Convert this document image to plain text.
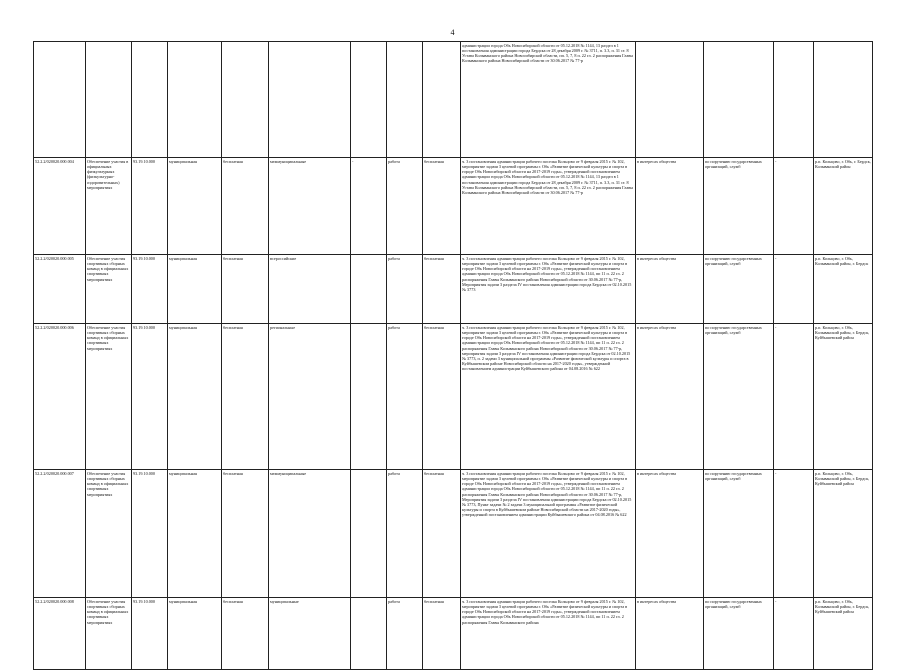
4
									администрации города Обь Новосибирской области от 05.12.2018 № 1144, 13 раздел в 1 постановления администрации города Бердска от 28 декабря 2009 г. № 3711, п. 3.3, п. 31 ст. 8 Устава Колыванского района Новосибирской области, пп. 5, 7, 8 п. 22 гл. 2 распоряжения Главы Колыванского района Новосибирской области от 30.06.2017 № 77-р				
52.2.2/020020.000.004	Обеспечение участия в официальных физкультурных (физкультурно-оздоровительных) мероприятиях	93.19.10.000	муниципальная	бесплатная	межмуниципальные	-	работа	бесплатная	ч. 3 постановления администрации рабочего поселка Кольцово от 9 февраля 2015 г. № 102, мероприятие задачи 3 целевой программы г. Обь «Развитие физической культуры и спорта в городе Обь Новосибирской области на 2017-2019 годы», утвержденной постановлением администрации города Обь Новосибирской области от 05.12.2018 № 1144, 13 раздел в 1 постановления администрации города Бердска от 28 декабря 2009 г. № 3711, п. 3.3, п. 31 ст. 8 Устава Колыванского района Новосибирской области, пп. 5, 7, 8 п. 22 гл. 2 распоряжения Главы Колыванского района Новосибирской области от 30.06.2017 № 77-р	в интересах общества	по поручению государственных организаций, служб	-	р.п. Кольцово, г. Обь, г. Бердск, Колыванский район
52.2.2/020020.000.005	Обеспечение участия спортивных сборных команд в официальных спортивных мероприятиях	93.19.10.000	муниципальная	бесплатная	всероссийские		работа	бесплатная	ч. 3 постановления администрации рабочего поселка Кольцово от 9 февраля 2015 г. № 102, мероприятие задачи 3 целевой программы г. Обь «Развитие физической культуры и спорта в городе Обь Новосибирской области на 2017-2019 годы», утвержденной постановлением администрации города Обь Новосибирской области от 05.12.2018 № 1144, пп 11 п. 22 гл. 2 распоряжения Главы Колыванского района Новосибирской области от 30.06.2017 № 77-р, Мероприятия задачи 3 раздела IV постановления администрации города Бердска от 02.10.2015 № 3773	в интересах общества	по поручению государственных организаций, служб	-	р.п. Кольцово, г. Обь, Колыванский район, г. Бердск
52.2.2/020020.000.006	Обеспечение участия спортивных сборных команд в официальных спортивных мероприятиях	93.19.10.000	муниципальная	бесплатная	региональные		работа	бесплатная	ч. 3 постановления администрации рабочего поселка Кольцово от 9 февраля 2015 г. № 102, мероприятие задачи 3 целевой программы г. Обь «Развитие физической культуры и спорта в городе Обь Новосибирской области на 2017-2019 годы», утвержденной постановлением администрации города Обь Новосибирской области от 05.12.2018 № 1144, пп 11 п. 22 гл. 2 распоряжения Главы Колыванского района Новосибирской области от 30.06.2017 № 77-р, мероприятия задачи 3 раздела IV постановления администрации города Бердска от 02.10.2015 № 3773, п. 2 задачи 3 муниципальной программы «Развитие физической культуры и спорта в Куйбышевском районе Новосибирской области на 2017-2020 годы», утвержденной постановлением администрации Куйбышевского района от 04.08.2016 № 622	в интересах общества	по поручению государственных организаций, служб	-	р.п. Кольцово, г. Обь, Колыванский район, г. Бердск, Куйбышевский район
52.2.2/020020.000.007	Обеспечение участия спортивных сборных команд в официальных спортивных мероприятиях	93.19.10.000	муниципальная	бесплатная	межмуниципальные		работа	бесплатная	ч. 3 постановления администрации рабочего поселка Кольцово от 9 февраля 2015 г. № 102, мероприятие задачи 3 целевой программы г. Обь «Развитие физической культуры и спорта в городе Обь Новосибирской области на 2017-2019 годы», утвержденной постановлением администрации города Обь Новосибирской области от 05.12.2018 № 1144, пп 11 п. 22 гл. 2 распоряжения Главы Колыванского района Новосибирской области от 30.06.2017 № 77-р, Мероприятия задачи 3 раздела IV постановления администрации города Бердска от 02.10.2015 № 3773, Пункт задачи № 2 задачи 3 муниципальной программы «Развитие физической культуры и спорта в Куйбышевском районе Новосибирской области на 2017-2020 годы», утвержденной постановлением администрации Куйбышевского района от 04.08.2016 № 622	в интересах общества	по поручению государственных организаций, служб	-	р.п. Кольцово, г. Обь, Колыванский район, г. Бердск, Куйбышевский район
52.2.2/020020.000.008	Обеспечение участия спортивных сборных команд в официальных спортивных мероприятиях	93.19.10.000	муниципальная	бесплатная	муниципальные		работа	бесплатная	ч. 3 постановления администрации рабочего поселка Кольцово от 9 февраля 2015 г. № 102, мероприятие задачи 3 целевой программы г. Обь «Развитие физической культуры и спорта в городе Обь Новосибирской области на 2017-2019 годы», утвержденной постановлением администрации города Обь Новосибирской области от 05.12.2018 № 1144, пп 11 п. 22 гл. 2 распоряжения Главы Колыванского района	в интересах общества	по поручению государственных организаций, служб	-	р.п. Кольцово, г. Обь, Колыванский район, г. Бердск, Куйбышевский район
